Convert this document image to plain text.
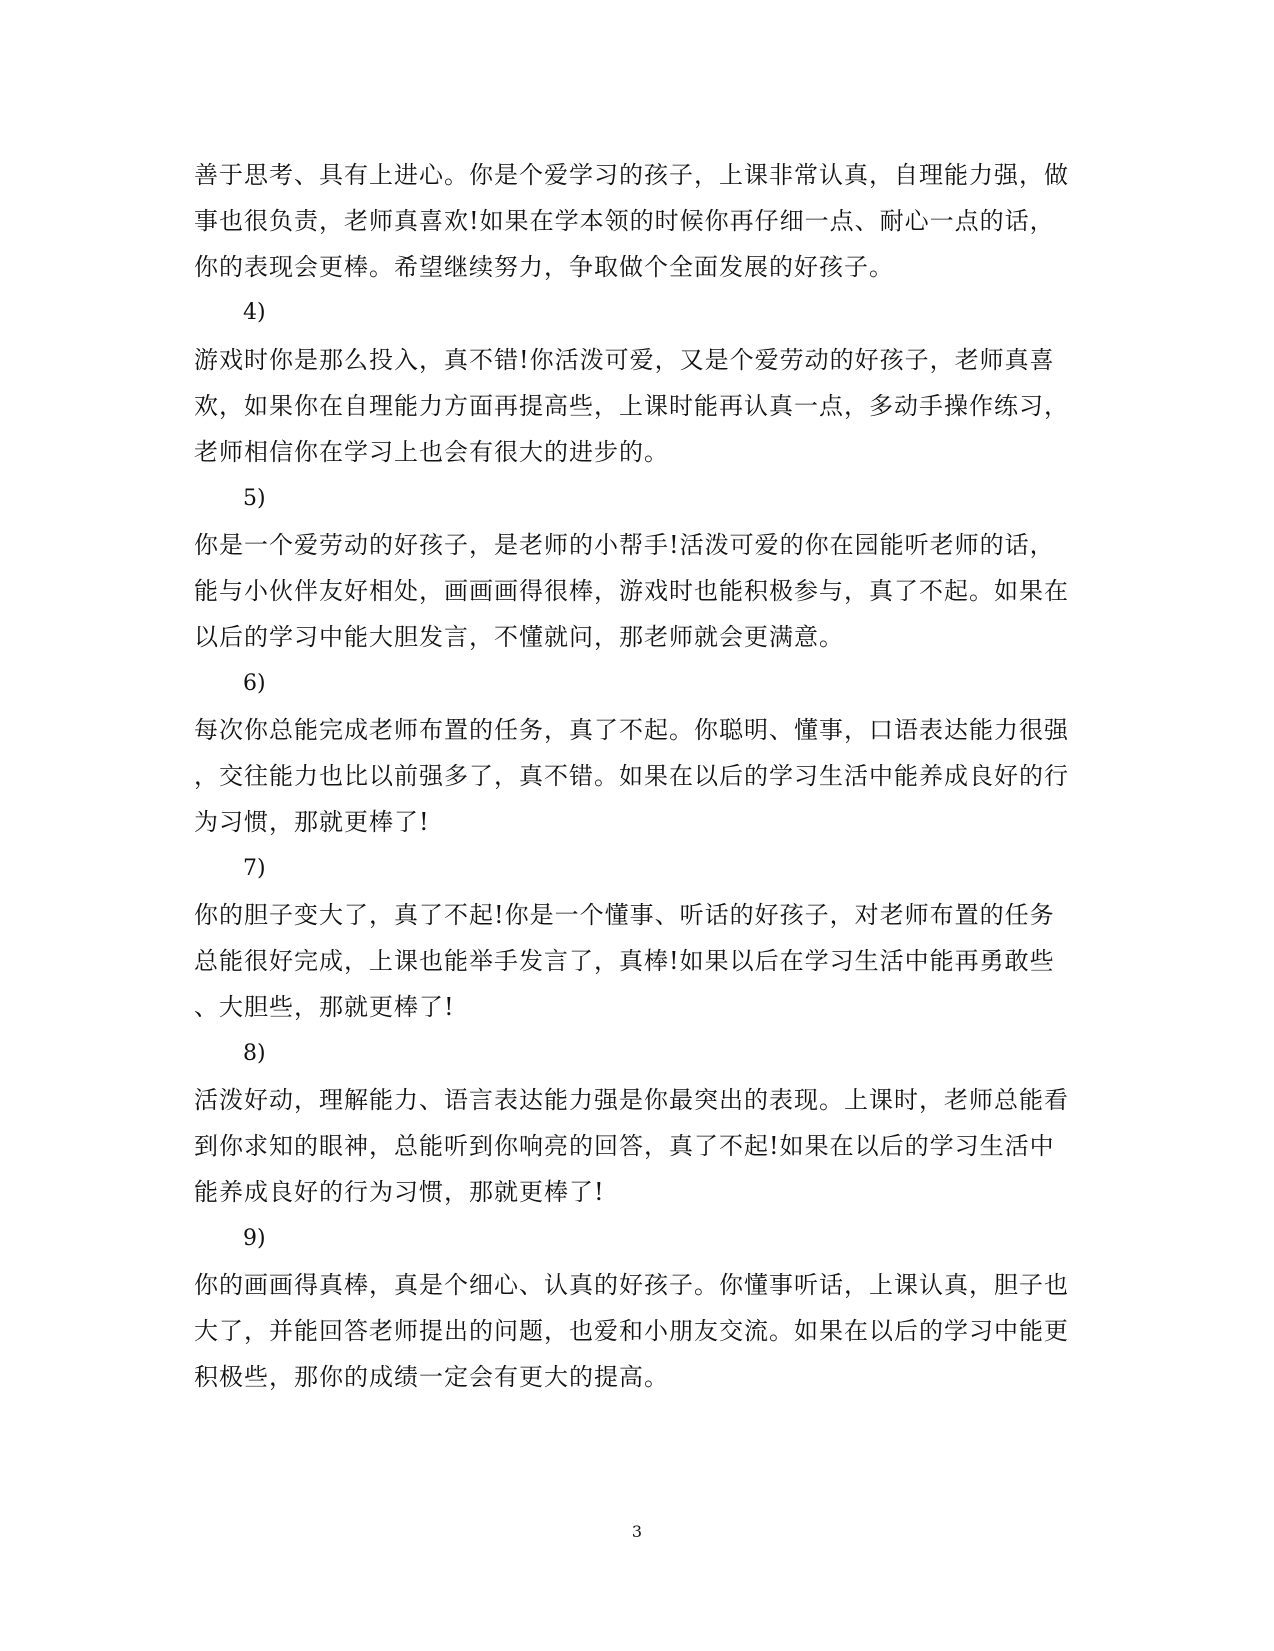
善于思考、具有上进心。你是个爱学习的孩子，上课非常认真，自理能力强，做
事也很负责，老师真喜欢!如果在学本领的时候你再仔细一点、耐心一点的话，
你的表现会更棒。希望继续努力，争取做个全面发展的好孩子。
4)
游戏时你是那么投入，真不错!你活泼可爱，又是个爱劳动的好孩子，老师真喜
欢，如果你在自理能力方面再提高些，上课时能再认真一点，多动手操作练习，
老师相信你在学习上也会有很大的进步的。
5)
你是一个爱劳动的好孩子，是老师的小帮手!活泼可爱的你在园能听老师的话，
能与小伙伴友好相处，画画画得很棒，游戏时也能积极参与，真了不起。如果在
以后的学习中能大胆发言，不懂就问，那老师就会更满意。
6)
每次你总能完成老师布置的任务，真了不起。你聪明、懂事，口语表达能力很强
，交往能力也比以前强多了，真不错。如果在以后的学习生活中能养成良好的行
为习惯，那就更棒了!
7)
你的胆子变大了，真了不起!你是一个懂事、听话的好孩子，对老师布置的任务
总能很好完成，上课也能举手发言了，真棒!如果以后在学习生活中能再勇敢些
、大胆些，那就更棒了!
8)
活泼好动，理解能力、语言表达能力强是你最突出的表现。上课时，老师总能看
到你求知的眼神，总能听到你响亮的回答，真了不起!如果在以后的学习生活中
能养成良好的行为习惯，那就更棒了!
9)
你的画画得真棒，真是个细心、认真的好孩子。你懂事听话，上课认真，胆子也
大了，并能回答老师提出的问题，也爱和小朋友交流。如果在以后的学习中能更
积极些，那你的成绩一定会有更大的提高。
3
